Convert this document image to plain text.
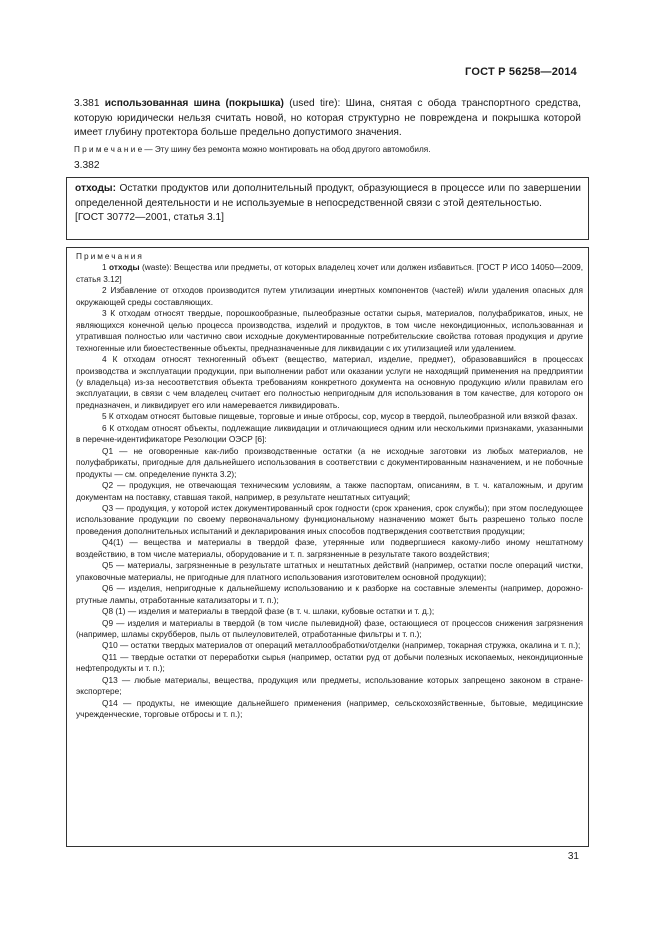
ГОСТ Р 56258—2014
3.381 использованная шина (покрышка) (used tire): Шина, снятая с обода транспортного средства, которую юридически нельзя считать новой, но которая структурно не повреждена и покрышка которой имеет глубину протектора больше предельно допустимого значения.
П р и м е ч а н и е — Эту шину без ремонта можно монтировать на обод другого автомобиля.
3.382
отходы: Остатки продуктов или дополнительный продукт, образующиеся в процессе или по завершении определенной деятельности и не используемые в непосредственной связи с этой деятельностью.
[ГОСТ 30772—2001, статья 3.1]

Примечания

1 отходы (waste): Вещества или предметы, от которых владелец хочет или должен избавиться. [ГОСТ Р ИСО 14050—2009, статья 3.12]

2 Избавление от отходов производится путем утилизации инертных компонентов (частей) и/или удаления опасных для окружающей среды составляющих.

3 К отходам относят твердые, порошкообразные, пылеобразные остатки сырья, материалов, полуфабрикатов, иных, не являющихся конечной целью процесса производства, изделий и продуктов, в том числе некондиционных, использованная и утратившая полностью или частично свои исходные документированные потребительские свойства готовая продукция и другие техногенные или биоестественные объекты, предназначенные для ликвидации с их утилизацией или удалением.

4 К отходам относят техногенный объект (вещество, материал, изделие, предмет), образовавшийся в процессах производства и эксплуатации продукции, при выполнении работ или оказании услуги не находящий применения на предприятии (у владельца) из-за несоответствия объекта требованиям конкретного документа на основную продукцию и/или правилам его эксплуатации, в связи с чем владелец считает его полностью непригодным для использования в том качестве, для которого он предназначен, и ликвидирует его или намеревается ликвидировать.

5 К отходам относят бытовые пищевые, торговые и иные отбросы, сор, мусор в твердой, пылеобразной или вязкой фазах.

6 К отходам относят объекты, подлежащие ликвидации и отличающиеся одним или несколькими признаками, указанными в перечне-идентификаторе Резолюции ОЭСР [6]:

Q1 — не оговоренные как-либо производственные остатки (а не исходные заготовки из любых материалов, не полуфабрикаты, пригодные для дальнейшего использования в соответствии с документированным назначением, и не побочные продукты — см. определение пункта 3.2);

Q2 — продукция, не отвечающая техническим условиям, а также паспортам, описаниям, в т. ч. каталожным, и другим документам на поставку, ставшая такой, например, в результате нештатных ситуаций;

Q3 — продукция, у которой истек документированный срок годности (срок хранения, срок службы); при этом последующее использование продукции по своему первоначальному функциональному назначению может быть разрешено только после проведения дополнительных испытаний и декларирования иных способов подтверждения соответствия продукции;

Q4(1) — вещества и материалы в твердой фазе, утерянные или подвергшиеся какому-либо иному нештатному воздействию, в том числе материалы, оборудование и т. п. загрязненные в результате такого воздействия;

Q5 — материалы, загрязненные в результате штатных и нештатных действий (например, остатки после операций чистки, упаковочные материалы, не пригодные для платного использования изготовителем основной продукции);

Q6 — изделия, непригодные к дальнейшему использованию и к разборке на составные элементы (например, дорожно-ртутные лампы, отработанные катализаторы и т. п.);

Q8 (1) — изделия и материалы в твердой фазе (в т. ч. шлаки, кубовые остатки и т. д.);

Q9 — изделия и материалы в твердой (в том числе пылевидной) фазе, остающиеся от процессов снижения загрязнения (например, шламы скрубберов, пыль от пылеуловителей, отработанные фильтры и т. п.);

Q10 — остатки твердых материалов от операций металлообработки/отделки (например, токарная стружка, окалина и т. п.);

Q11 — твердые остатки от переработки сырья (например, остатки руд от добычи полезных ископаемых, некондиционные нефтепродукты и т. п.);

Q13 — любые материалы, вещества, продукция или предметы, использование которых запрещено законом в стране-экспортере;

Q14 — продукты, не имеющие дальнейшего применения (например, сельскохозяйственные, бытовые, медицинские учрежденческие, торговые отбросы и т. п.);

31
